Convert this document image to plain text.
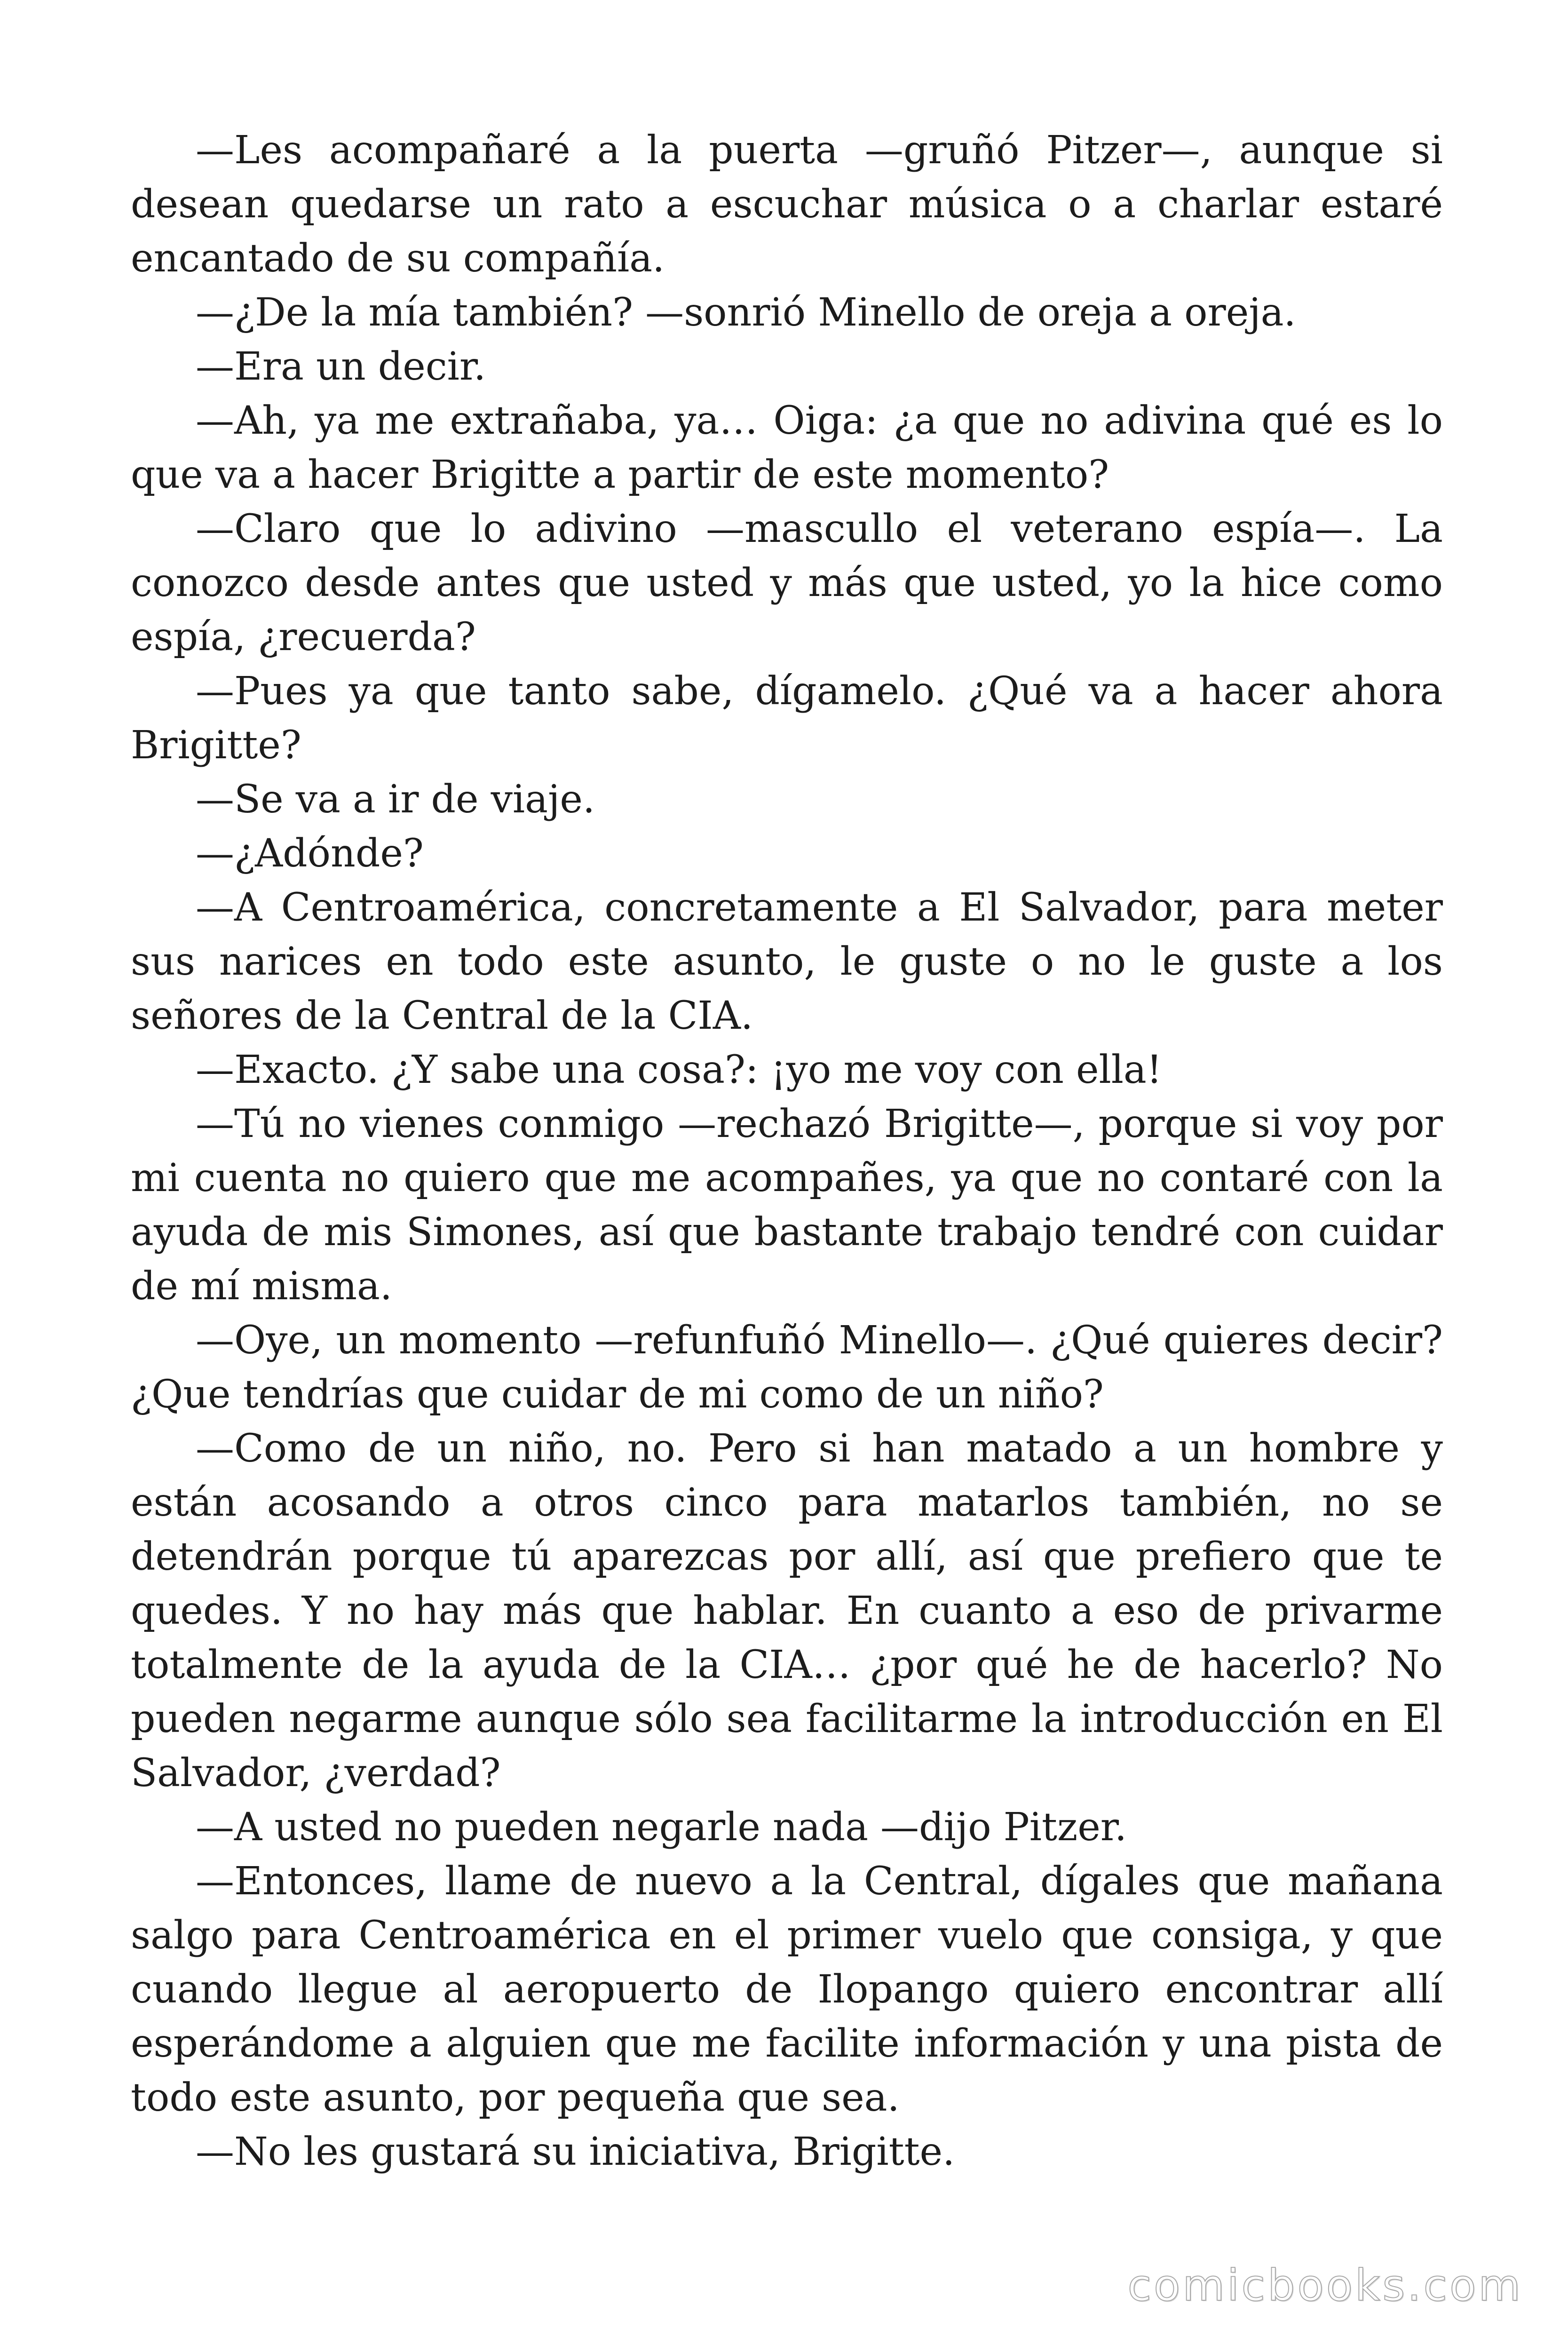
—Les acompañaré a la puerta —gruñó Pitzer—, aunque si desean quedarse un rato a escuchar música o a charlar estaré encantado de su compañía.

—¿De la mía también? —sonrió Minello de oreja a oreja.

—Era un decir.

—Ah, ya me extrañaba, ya… Oiga: ¿a que no adivina qué es lo que va a hacer Brigitte a partir de este momento?

—Claro que lo adivino —mascullo el veterano espía—. La conozco desde antes que usted y más que usted, yo la hice como espía, ¿recuerda?

—Pues ya que tanto sabe, dígamelo. ¿Qué va a hacer ahora Brigitte?

—Se va a ir de viaje.

—¿Adónde?

—A Centroamérica, concretamente a El Salvador, para meter sus narices en todo este asunto, le guste o no le guste a los señores de la Central de la CIA.

—Exacto. ¿Y sabe una cosa?: ¡yo me voy con ella!

—Tú no vienes conmigo —rechazó Brigitte—, porque si voy por mi cuenta no quiero que me acompañes, ya que no contaré con la ayuda de mis Simones, así que bastante trabajo tendré con cuidar de mí misma.

—Oye, un momento —refunfuñó Minello—. ¿Qué quieres decir? ¿Que tendrías que cuidar de mi como de un niño?

—Como de un niño, no. Pero si han matado a un hombre y están acosando a otros cinco para matarlos también, no se detendrán porque tú aparezcas por allí, así que prefiero que te quedes. Y no hay más que hablar. En cuanto a eso de privarme totalmente de la ayuda de la CIA… ¿por qué he de hacerlo? No pueden negarme aunque sólo sea facilitarme la introducción en El Salvador, ¿verdad?

—A usted no pueden negarle nada —dijo Pitzer.

—Entonces, llame de nuevo a la Central, dígales que mañana salgo para Centroamérica en el primer vuelo que consiga, y que cuando llegue al aeropuerto de Ilopango quiero encontrar allí esperándome a alguien que me facilite información y una pista de todo este asunto, por pequeña que sea.

—No les gustará su iniciativa, Brigitte.

comicbooks.com
